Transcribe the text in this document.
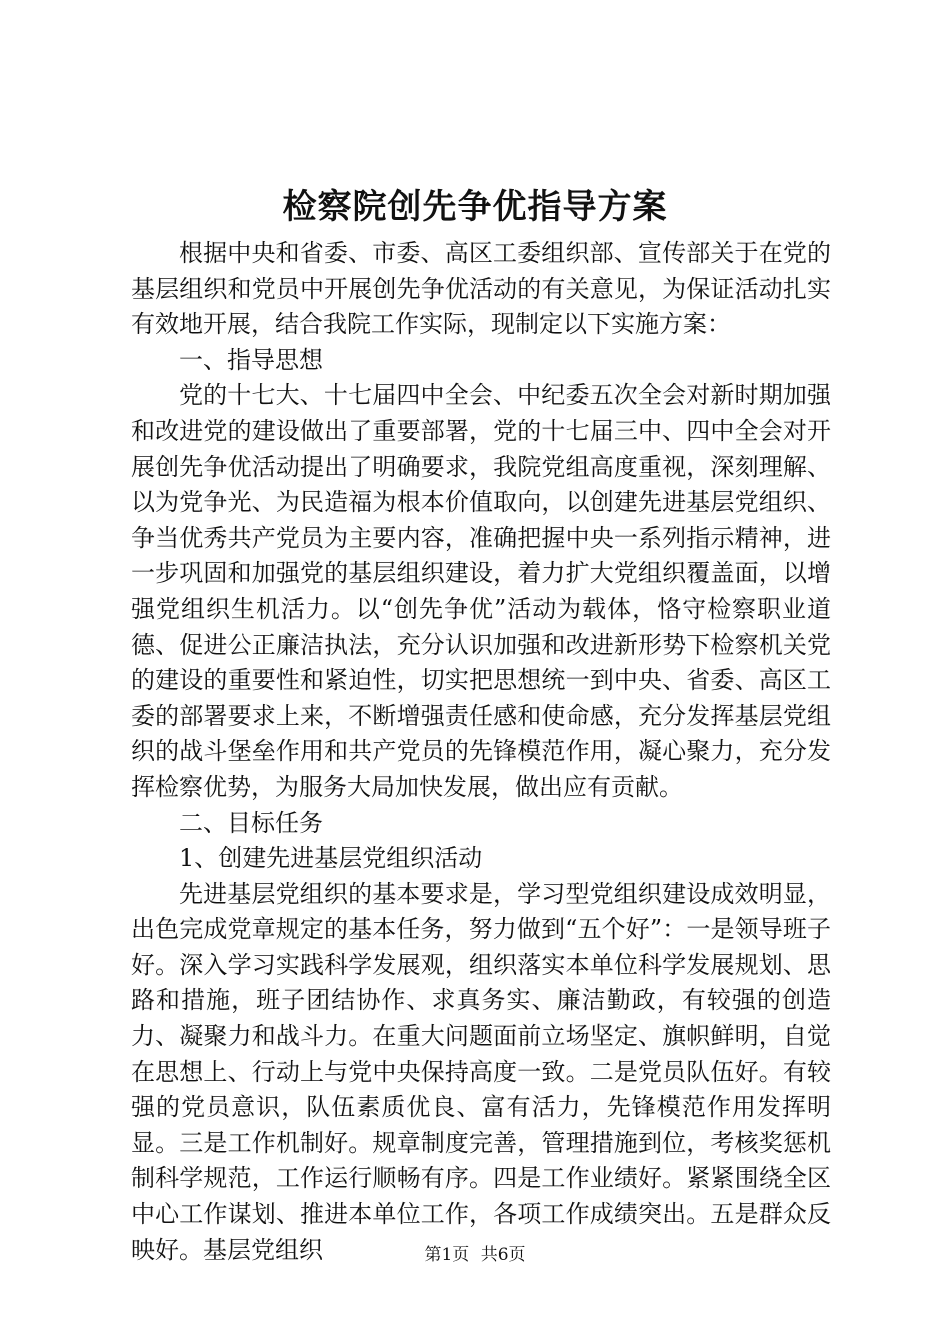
检察院创先争优指导方案

根据中央和省委、市委、高区工委组织部、宣传部关于在党的基层组织和党员中开展创先争优活动的有关意见，为保证活动扎实有效地开展，结合我院工作实际，现制定以下实施方案：

一、指导思想

党的十七大、十七届四中全会、中纪委五次全会对新时期加强和改进党的建设做出了重要部署，党的十七届三中、四中全会对开展创先争优活动提出了明确要求，我院党组高度重视，深刻理解、以为党争光、为民造福为根本价值取向，以创建先进基层党组织、争当优秀共产党员为主要内容，准确把握中央一系列指示精神，进一步巩固和加强党的基层组织建设，着力扩大党组织覆盖面，以增强党组织生机活力。以“创先争优”活动为载体，恪守检察职业道德、促进公正廉洁执法，充分认识加强和改进新形势下检察机关党的建设的重要性和紧迫性，切实把思想统一到中央、省委、高区工委的部署要求上来，不断增强责任感和使命感，充分发挥基层党组织的战斗堡垒作用和共产党员的先锋模范作用，凝心聚力，充分发挥检察优势，为服务大局加快发展，做出应有贡献。

二、目标任务

1、创建先进基层党组织活动

先进基层党组织的基本要求是，学习型党组织建设成效明显，出色完成党章规定的基本任务，努力做到“五个好”：一是领导班子好。深入学习实践科学发展观，组织落实本单位科学发展规划、思路和措施，班子团结协作、求真务实、廉洁勤政，有较强的创造力、凝聚力和战斗力。在重大问题面前立场坚定、旗帜鲜明，自觉在思想上、行动上与党中央保持高度一致。二是党员队伍好。有较强的党员意识，队伍素质优良、富有活力，先锋模范作用发挥明显。三是工作机制好。规章制度完善，管理措施到位，考核奖惩机制科学规范，工作运行顺畅有序。四是工作业绩好。紧紧围绕全区中心工作谋划、推进本单位工作，各项工作成绩突出。五是群众反映好。基层党组织	第1页 共6页
